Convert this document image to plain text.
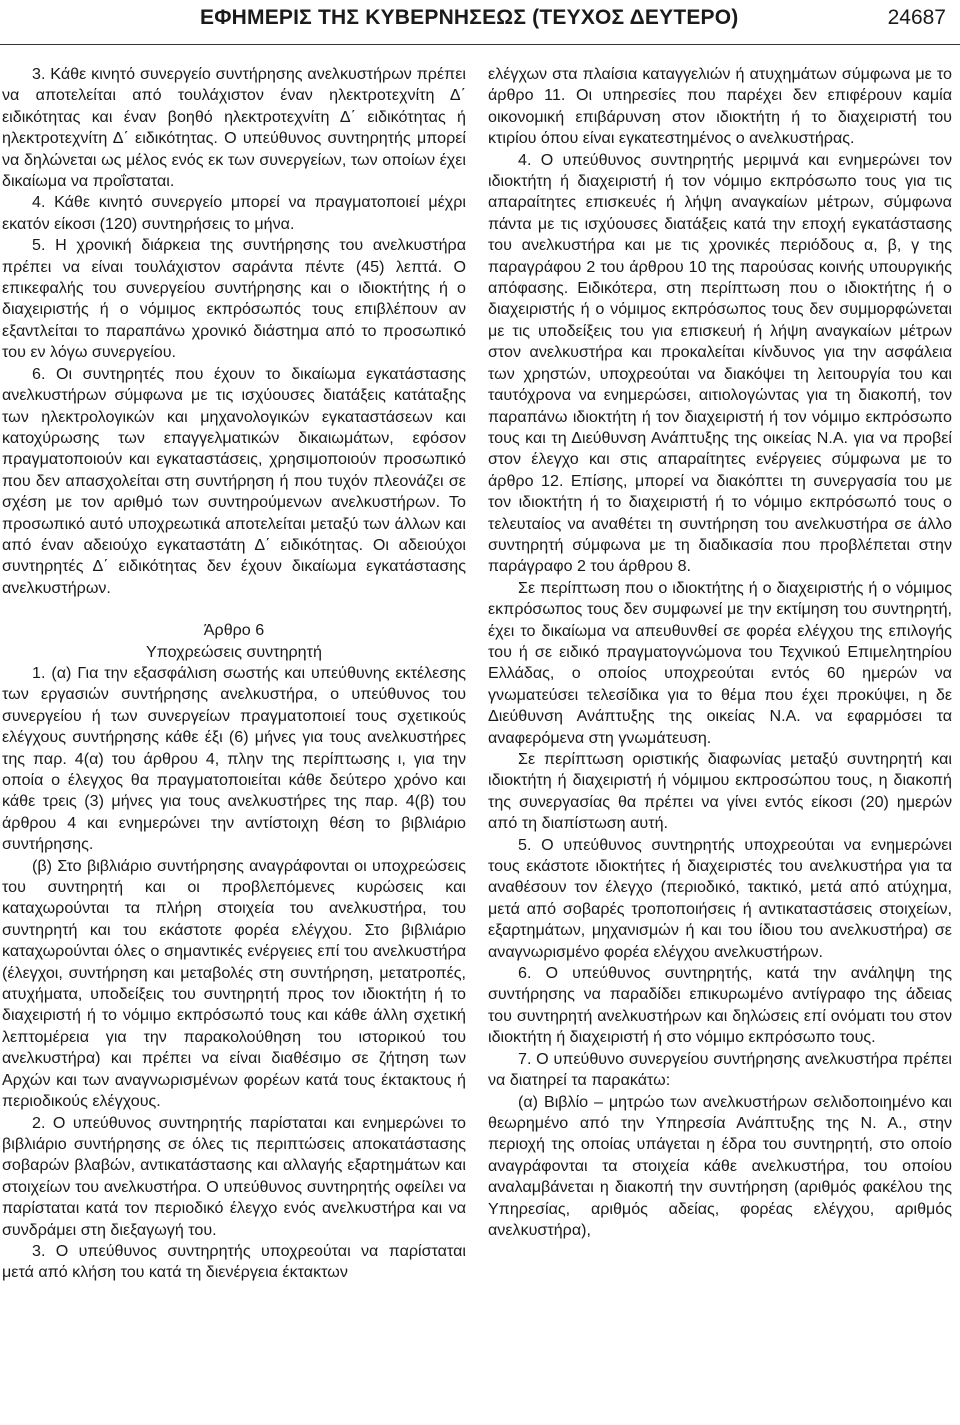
ΕΦΗΜΕΡΙΣ ΤΗΣ ΚΥΒΕΡΝΗΣΕΩΣ (ΤΕΥΧΟΣ ΔΕΥΤΕΡΟ)	24687

3. Κάθε κινητό συνεργείο συντήρησης ανελκυστήρων πρέπει να αποτελείται από τουλάχιστον έναν ηλεκτροτεχνίτη Δ΄ ειδικότητας και έναν βοηθό ηλεκτροτεχνίτη Δ΄ ειδικότητας ή ηλεκτροτεχνίτη Δ΄ ειδικότητας. Ο υπεύθυνος συντηρητής μπορεί να δηλώνεται ως μέλος ενός εκ των συνεργείων, των οποίων έχει δικαίωμα να προΐσταται.

4. Κάθε κινητό συνεργείο μπορεί να πραγματοποιεί μέχρι εκατόν είκοσι (120) συντηρήσεις το μήνα.

5. Η χρονική διάρκεια της συντήρησης του ανελκυστήρα πρέπει να είναι τουλάχιστον σαράντα πέντε (45) λεπτά. Ο επικεφαλής του συνεργείου συντήρησης και ο ιδιοκτήτης ή ο διαχειριστής ή ο νόμιμος εκπρόσωπός τους επιβλέπουν αν εξαντλείται το παραπάνω χρονικό διάστημα από το προσωπικό του εν λόγω συνεργείου.

6. Οι συντηρητές που έχουν το δικαίωμα εγκατάστασης ανελκυστήρων σύμφωνα με τις ισχύουσες διατάξεις κατάταξης των ηλεκτρολογικών και μηχανολογικών εγκαταστάσεων και κατοχύρωσης των επαγγελματικών δικαιωμάτων, εφόσον πραγματοποιούν και εγκαταστάσεις, χρησιμοποιούν προσωπικό που δεν απασχολείται στη συντήρηση ή που τυχόν πλεονάζει σε σχέση με τον αριθμό των συντηρούμενων ανελκυστήρων. Το προσωπικό αυτό υποχρεωτικά αποτελείται μεταξύ των άλλων και από έναν αδειούχο εγκαταστάτη Δ΄ ειδικότητας. Οι αδειούχοι συντηρητές Δ΄ ειδικότητας δεν έχουν δικαίωμα εγκατάστασης ανελκυστήρων.

Άρθρο 6

Υποχρεώσεις συντηρητή

1. (α) Για την εξασφάλιση σωστής και υπεύθυνης εκτέλεσης των εργασιών συντήρησης ανελκυστήρα, ο υπεύθυνος του συνεργείου ή των συνεργείων πραγματοποιεί τους σχετικούς ελέγχους συντήρησης κάθε έξι (6) μήνες για τους ανελκυστήρες της παρ. 4(α) του άρθρου 4, πλην της περίπτωσης ι, για την οποία ο έλεγχος θα πραγματοποιείται κάθε δεύτερο χρόνο και κάθε τρεις (3) μήνες για τους ανελκυστήρες της παρ. 4(β) του άρθρου 4 και ενημερώνει την αντίστοιχη θέση το βιβλιάριο συντήρησης.

(β) Στο βιβλιάριο συντήρησης αναγράφονται οι υποχρεώσεις του συντηρητή και οι προβλεπόμενες κυρώσεις και καταχωρούνται τα πλήρη στοιχεία του ανελκυστήρα, του συντηρητή και του εκάστοτε φορέα ελέγχου. Στο βιβλιάριο καταχωρούνται όλες ο σημαντικές ενέργειες επί του ανελκυστήρα (έλεγχοι, συντήρηση και μεταβολές στη συντήρηση, μετατροπές, ατυχήματα, υποδείξεις του συντηρητή προς τον ιδιοκτήτη ή το διαχειριστή ή το νόμιμο εκπρόσωπό τους και κάθε άλλη σχετική λεπτομέρεια για την παρακολούθηση του ιστορικού του ανελκυστήρα) και πρέπει να είναι διαθέσιμο σε ζήτηση των Αρχών και των αναγνωρισμένων φορέων κατά τους έκτακτους ή περιοδικούς ελέγχους.

2. Ο υπεύθυνος συντηρητής παρίσταται και ενημερώνει το βιβλιάριο συντήρησης σε όλες τις περιπτώσεις αποκατάστασης σοβαρών βλαβών, αντικατάστασης και αλλαγής εξαρτημάτων και στοιχείων του ανελκυστήρα. Ο υπεύθυνος συντηρητής οφείλει να παρίσταται κατά τον περιοδικό έλεγχο ενός ανελκυστήρα και να συνδράμει στη διεξαγωγή του.

3. Ο υπεύθυνος συντηρητής υποχρεούται να παρίσταται μετά από κλήση του κατά τη διενέργεια έκτακτων

ελέγχων στα πλαίσια καταγγελιών ή ατυχημάτων σύμφωνα με το άρθρο 11. Οι υπηρεσίες που παρέχει δεν επιφέρουν καμία οικονομική επιβάρυνση στον ιδιοκτήτη ή το διαχειριστή του κτιρίου όπου είναι εγκατεστημένος ο ανελκυστήρας.

4. Ο υπεύθυνος συντηρητής μεριμνά και ενημερώνει τον ιδιοκτήτη ή διαχειριστή ή τον νόμιμο εκπρόσωπο τους για τις απαραίτητες επισκευές ή λήψη αναγκαίων μέτρων, σύμφωνα πάντα με τις ισχύουσες διατάξεις κατά την εποχή εγκατάστασης του ανελκυστήρα και με τις χρονικές περιόδους α, β, γ της παραγράφου 2 του άρθρου 10 της παρούσας κοινής υπουργικής απόφασης. Ειδικότερα, στη περίπτωση που ο ιδιοκτήτης ή ο διαχειριστής ή ο νόμιμος εκπρόσωπος τους δεν συμμορφώνεται με τις υποδείξεις του για επισκευή ή λήψη αναγκαίων μέτρων στον ανελκυστήρα και προκαλείται κίνδυνος για την ασφάλεια των χρηστών, υποχρεούται να διακόψει τη λειτουργία του και ταυτόχρονα να ενημερώσει, αιτιολογώντας για τη διακοπή, τον παραπάνω ιδιοκτήτη ή τον διαχειριστή ή τον νόμιμο εκπρόσωπο τους και τη Διεύθυνση Ανάπτυξης της οικείας Ν.Α. για να προβεί στον έλεγχο και στις απαραίτητες ενέργειες σύμφωνα με το άρθρο 12. Επίσης, μπορεί να διακόπτει τη συνεργασία του με τον ιδιοκτήτη ή το διαχειριστή ή το νόμιμο εκπρόσωπό τους ο τελευταίος να αναθέτει τη συντήρηση του ανελκυστήρα σε άλλο συντηρητή σύμφωνα με τη διαδικασία που προβλέπεται στην παράγραφο 2 του άρθρου 8.

Σε περίπτωση που ο ιδιοκτήτης ή ο διαχειριστής ή ο νόμιμος εκπρόσωπος τους δεν συμφωνεί με την εκτίμηση του συντηρητή, έχει το δικαίωμα να απευθυνθεί σε φορέα ελέγχου της επιλογής του ή σε ειδικό πραγματογνώμονα του Τεχνικού Επιμελητηρίου Ελλάδας, ο οποίος υποχρεούται εντός 60 ημερών να γνωματεύσει τελεσίδικα για το θέμα που έχει προκύψει, η δε Διεύθυνση Ανάπτυξης της οικείας Ν.Α. να εφαρμόσει τα αναφερόμενα στη γνωμάτευση.

Σε περίπτωση οριστικής διαφωνίας μεταξύ συντηρητή και ιδιοκτήτη ή διαχειριστή ή νόμιμου εκπροσώπου τους, η διακοπή της συνεργασίας θα πρέπει να γίνει εντός είκοσι (20) ημερών από τη διαπίστωση αυτή.

5. Ο υπεύθυνος συντηρητής υποχρεούται να ενημερώνει τους εκάστοτε ιδιοκτήτες ή διαχειριστές του ανελκυστήρα για τα αναθέσουν τον έλεγχο (περιοδικό, τακτικό, μετά από ατύχημα, μετά από σοβαρές τροποποιήσεις ή αντικαταστάσεις στοιχείων, εξαρτημάτων, μηχανισμών ή και του ίδιου του ανελκυστήρα) σε αναγνωρισμένο φορέα ελέγχου ανελκυστήρων.

6. Ο υπεύθυνος συντηρητής, κατά την ανάληψη της συντήρησης να παραδίδει επικυρωμένο αντίγραφο της άδειας του συντηρητή ανελκυστήρων και δηλώσεις επί ονόματι του στον ιδιοκτήτη ή διαχειριστή ή στο νόμιμο εκπρόσωπο τους.

7. Ο υπεύθυνο συνεργείου συντήρησης ανελκυστήρα πρέπει να διατηρεί τα παρακάτω:

(α) Βιβλίο – μητρώο των ανελκυστήρων σελιδοποιημένο και θεωρημένο από την Υπηρεσία Ανάπτυξης της Ν. Α., στην περιοχή της οποίας υπάγεται η έδρα του συντηρητή, στο οποίο αναγράφονται τα στοιχεία κάθε ανελκυστήρα, του οποίου αναλαμβάνεται η διακοπή την συντήρηση (αριθμός φακέλου της Υπηρεσίας, αριθμός αδείας, φορέας ελέγχου, αριθμός ανελκυστήρα),
